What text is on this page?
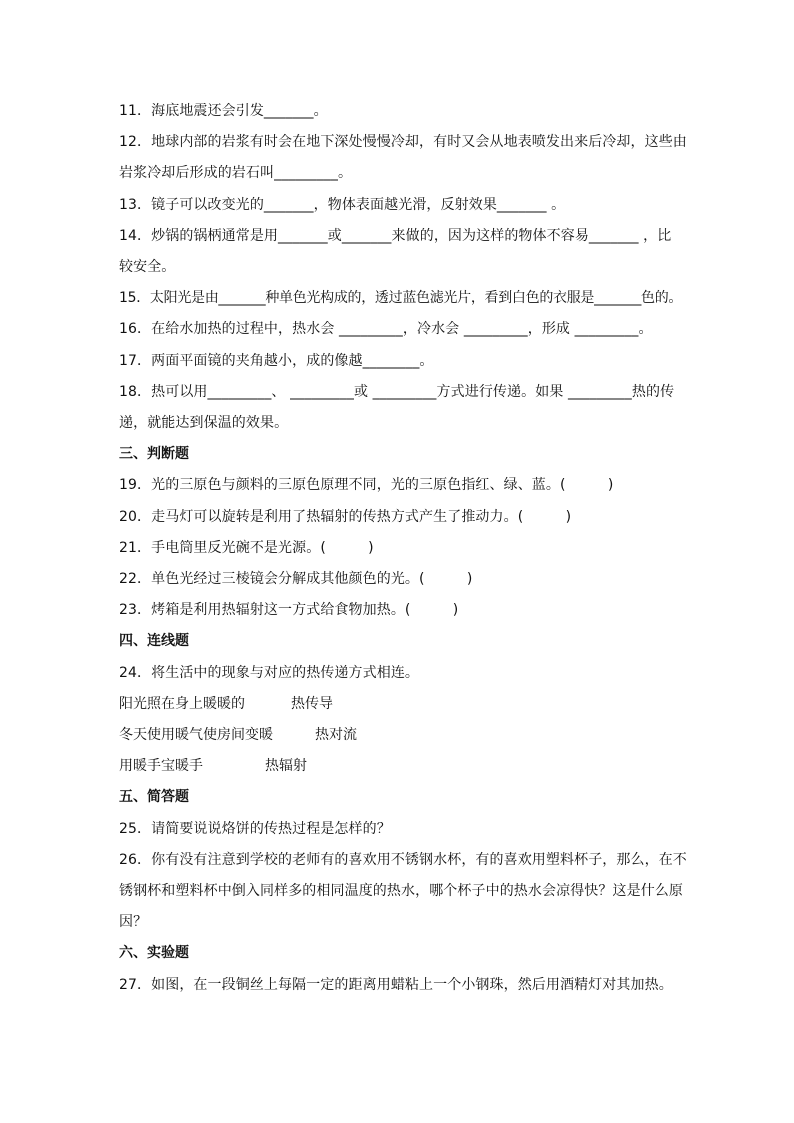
11．海底地震还会引发_______。
12．地球内部的岩浆有时会在地下深处慢慢冷却，有时又会从地表喷发出来后冷却，这些由
岩浆冷却后形成的岩石叫_________。
13．镜子可以改变光的_______，物体表面越光滑，反射效果_______ 。
14．炒锅的锅柄通常是用_______或_______来做的，因为这样的物体不容易_______ ，比
较安全。
15．太阳光是由_______种单色光构成的，透过蓝色滤光片，看到白色的衣服是_______色的。
16．在给水加热的过程中，热水会 _________，冷水会 _________，形成 _________。
17．两面平面镜的夹角越小，成的像越________。
18．热可以用_________、 _________或 _________方式进行传递。如果 _________热的传
递，就能达到保温的效果。
三、判断题
19．光的三原色与颜料的三原色原理不同，光的三原色指红、绿、蓝。(　　　)
20．走马灯可以旋转是利用了热辐射的传热方式产生了推动力。(　　　)
21．手电筒里反光碗不是光源。(　　　)
22．单色光经过三棱镜会分解成其他颜色的光。(　　　)
23．烤箱是利用热辐射这一方式给食物加热。(　　　)
四、连线题
24．将生活中的现象与对应的热传递方式相连。
阳光照在身上暖暖的	热传导
冬天使用暖气使房间变暖	热对流
用暖手宝暖手	热辐射
五、简答题
25．请简要说说烙饼的传热过程是怎样的？
26．你有没有注意到学校的老师有的喜欢用不锈钢水杯，有的喜欢用塑料杯子，那么，在不
锈钢杯和塑料杯中倒入同样多的相同温度的热水，哪个杯子中的热水会凉得快？这是什么原
因？
六、实验题
27．如图，在一段铜丝上每隔一定的距离用蜡粘上一个小钢珠，然后用酒精灯对其加热。
